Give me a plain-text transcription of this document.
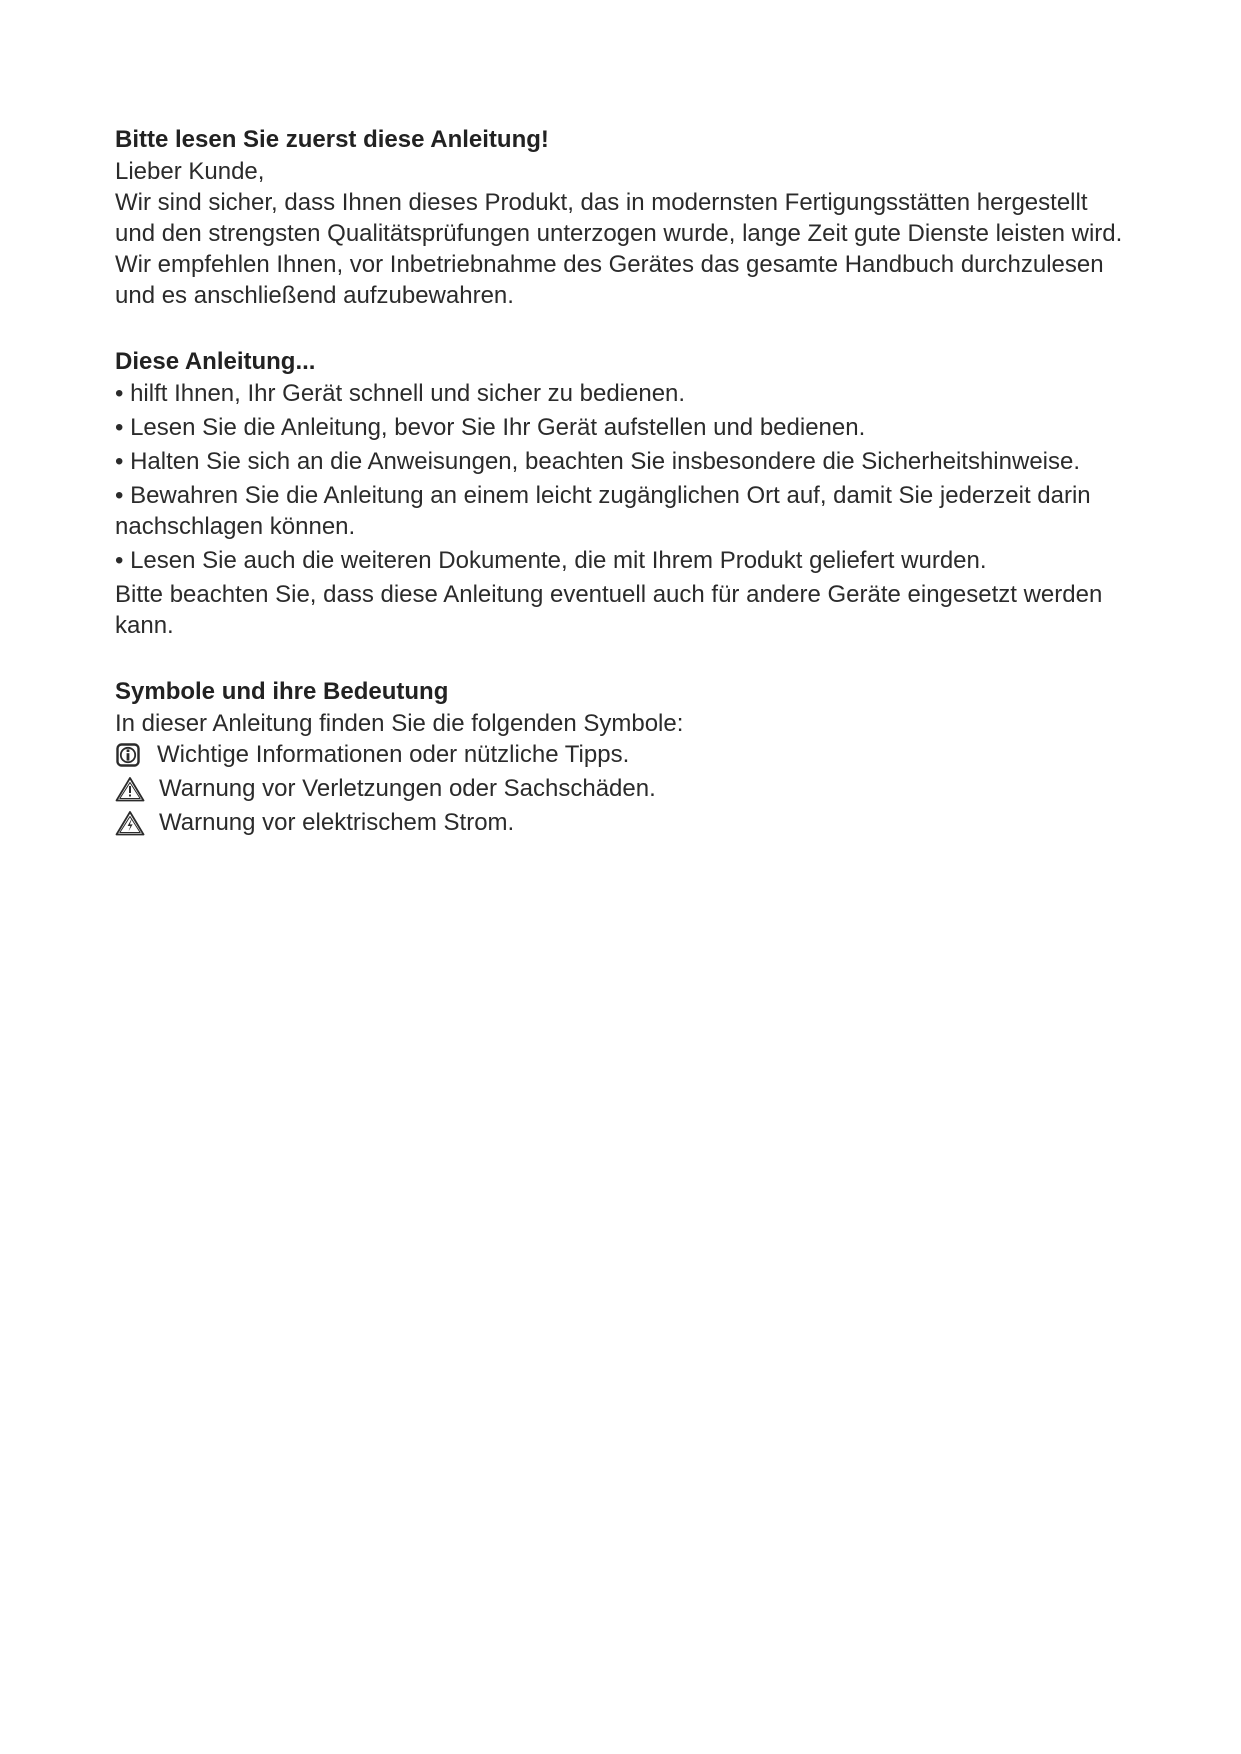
Bitte lesen Sie zuerst diese Anleitung!

Lieber Kunde,

Wir sind sicher, dass Ihnen dieses Produkt, das in modernsten Fertigungsstätten hergestellt und den strengsten Qualitätsprüfungen unterzogen wurde, lange Zeit gute Dienste leisten wird.

Wir empfehlen Ihnen, vor Inbetriebnahme des Gerätes das gesamte Handbuch durchzulesen und es anschließend aufzubewahren.

Diese Anleitung...

• hilft Ihnen, Ihr Gerät schnell und sicher zu bedienen.

• Lesen Sie die Anleitung, bevor Sie Ihr Gerät aufstellen und bedienen.

• Halten Sie sich an die Anweisungen, beachten Sie insbesondere die Sicherheitshinweise.

• Bewahren Sie die Anleitung an einem leicht zugänglichen Ort auf, damit Sie jederzeit darin nachschlagen können.

• Lesen Sie auch die weiteren Dokumente, die mit Ihrem Produkt geliefert wurden.

Bitte beachten Sie, dass diese Anleitung eventuell auch für andere Geräte eingesetzt werden kann.

Symbole und ihre Bedeutung

In dieser Anleitung finden Sie die folgenden Symbole:

Wichtige Informationen oder nützliche Tipps.
Warnung vor Verletzungen oder Sachschäden.
Warnung vor elektrischem Strom.
